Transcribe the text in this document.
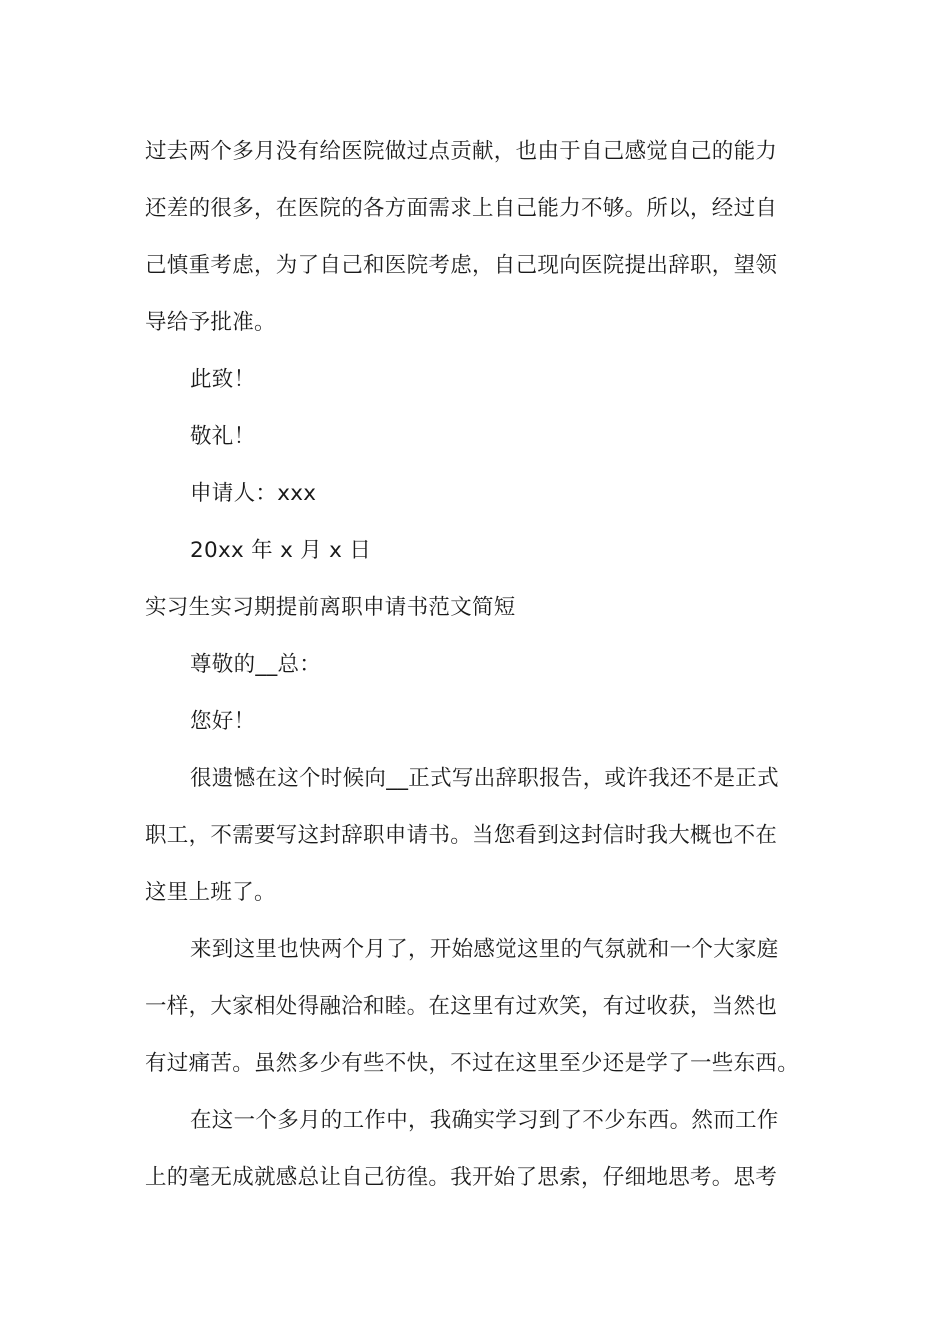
过去两个多月没有给医院做过点贡献，也由于自己感觉自己的能力
还差的很多，在医院的各方面需求上自己能力不够。所以，经过自
己慎重考虑，为了自己和医院考虑，自己现向医院提出辞职，望领
导给予批准。
此致！
敬礼！
申请人：xxx
20xx 年 x 月 x 日
实习生实习期提前离职申请书范文简短
尊敬的__总：
您好！
很遗憾在这个时候向__正式写出辞职报告，或许我还不是正式
职工，不需要写这封辞职申请书。当您看到这封信时我大概也不在
这里上班了。
来到这里也快两个月了，开始感觉这里的气氛就和一个大家庭
一样，大家相处得融洽和睦。在这里有过欢笑，有过收获，当然也
有过痛苦。虽然多少有些不快，不过在这里至少还是学了一些东西。
在这一个多月的工作中，我确实学习到了不少东西。然而工作
上的毫无成就感总让自己彷徨。我开始了思索，仔细地思考。思考
